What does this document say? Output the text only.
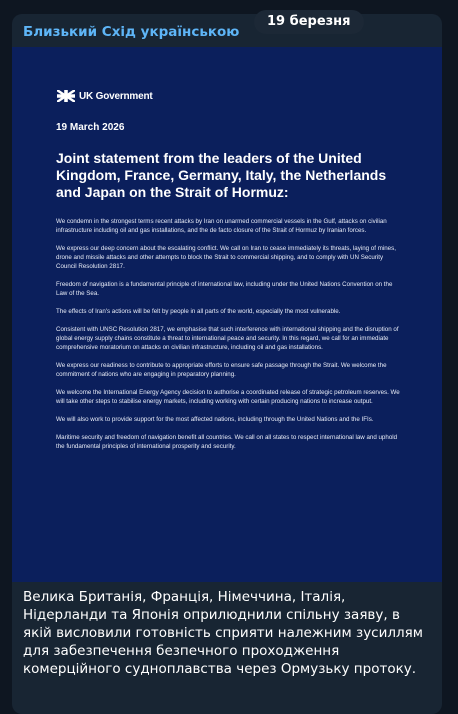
19 березня
Близький Схід українською
UK Government
19 March 2026
Joint statement from the leaders of the United Kingdom, France, Germany, Italy, the Netherlands and Japan on the Strait of Hormuz:

We condemn in the strongest terms recent attacks by Iran on unarmed commercial vessels in the Gulf, attacks on civilian infrastructure including oil and gas installations, and the de facto closure of the Strait of Hormuz by Iranian forces.

We express our deep concern about the escalating conflict. We call on Iran to cease immediately its threats, laying of mines, drone and missile attacks and other attempts to block the Strait to commercial shipping, and to comply with UN Security Council Resolution 2817.

Freedom of navigation is a fundamental principle of international law, including under the United Nations Convention on the Law of the Sea.

The effects of Iran's actions will be felt by people in all parts of the world, especially the most vulnerable.

Consistent with UNSC Resolution 2817, we emphasise that such interference with international shipping and the disruption of global energy supply chains constitute a threat to international peace and security. In this regard, we call for an immediate comprehensive moratorium on attacks on civilian infrastructure, including oil and gas installations.

We express our readiness to contribute to appropriate efforts to ensure safe passage through the Strait. We welcome the commitment of nations who are engaging in preparatory planning.

We welcome the International Energy Agency decision to authorise a coordinated release of strategic petroleum reserves. We will take other steps to stabilise energy markets, including working with certain producing nations to increase output.

We will also work to provide support for the most affected nations, including through the United Nations and the IFIs.

Maritime security and freedom of navigation benefit all countries. We call on all states to respect international law and uphold the fundamental principles of international prosperity and security.

Велика Британія, Франція, Німеччина, Італія, Нідерланди та Японія оприлюднили спільну заяву, в якій висловили готовність сприяти належним зусиллям для забезпечення безпечного проходження комерційного судноплавства через Ормузьку протоку.
